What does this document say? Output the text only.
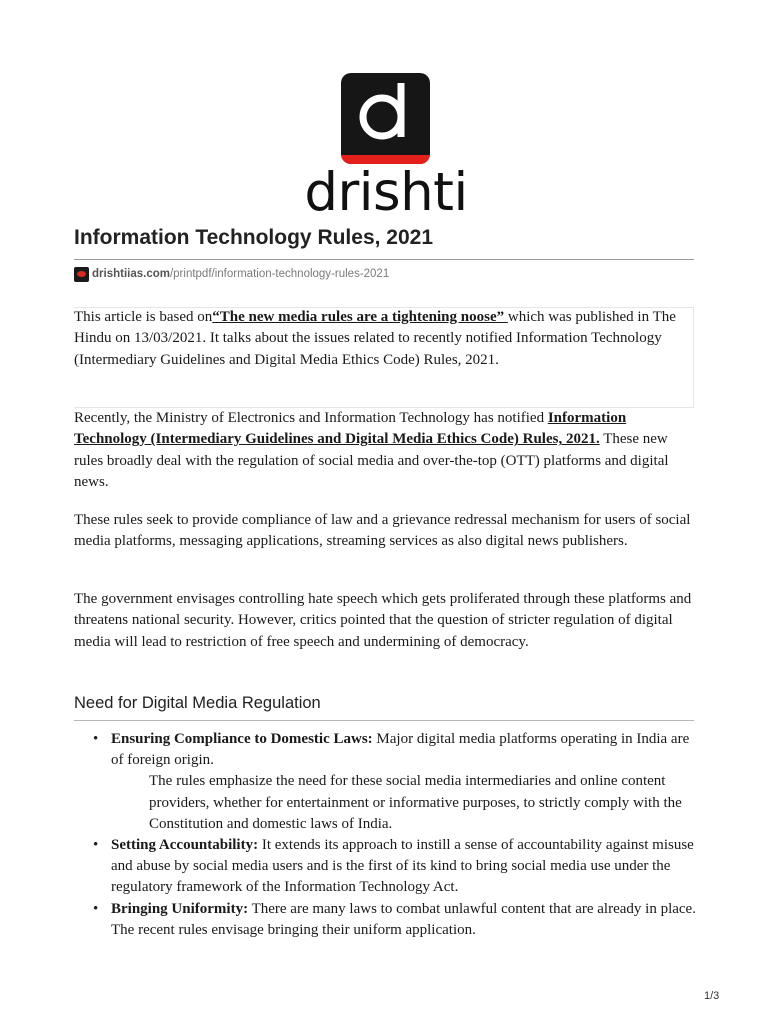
drishti
Information Technology Rules, 2021
drishtiias.com /printpdf/information-technology-rules-2021

This article is based on“The new media rules are a tightening noose” which was published in The Hindu on 13/03/2021. It talks about the issues related to recently notified Information Technology (Intermediary Guidelines and Digital Media Ethics Code) Rules, 2021.

Recently, the Ministry of Electronics and Information Technology has notified Information Technology (Intermediary Guidelines and Digital Media Ethics Code) Rules, 2021. These new rules broadly deal with the regulation of social media and over-the-top (OTT) platforms and digital news.

These rules seek to provide compliance of law and a grievance redressal mechanism for users of social media platforms, messaging applications, streaming services as also digital news publishers.

The government envisages controlling hate speech which gets proliferated through these platforms and threatens national security. However, critics pointed that the question of stricter regulation of digital media will lead to restriction of free speech and undermining of democracy.

Need for Digital Media Regulation
• Ensuring Compliance to Domestic Laws: Major digital media platforms operating in India are of foreign origin.
The rules emphasize the need for these social media intermediaries and online content providers, whether for entertainment or informative purposes, to strictly comply with the Constitution and domestic laws of India.
• Setting Accountability: It extends its approach to instill a sense of accountability against misuse and abuse by social media users and is the first of its kind to bring social media use under the regulatory framework of the Information Technology Act.
• Bringing Uniformity: There are many laws to combat unlawful content that are already in place. The recent rules envisage bringing their uniform application.
1/3
